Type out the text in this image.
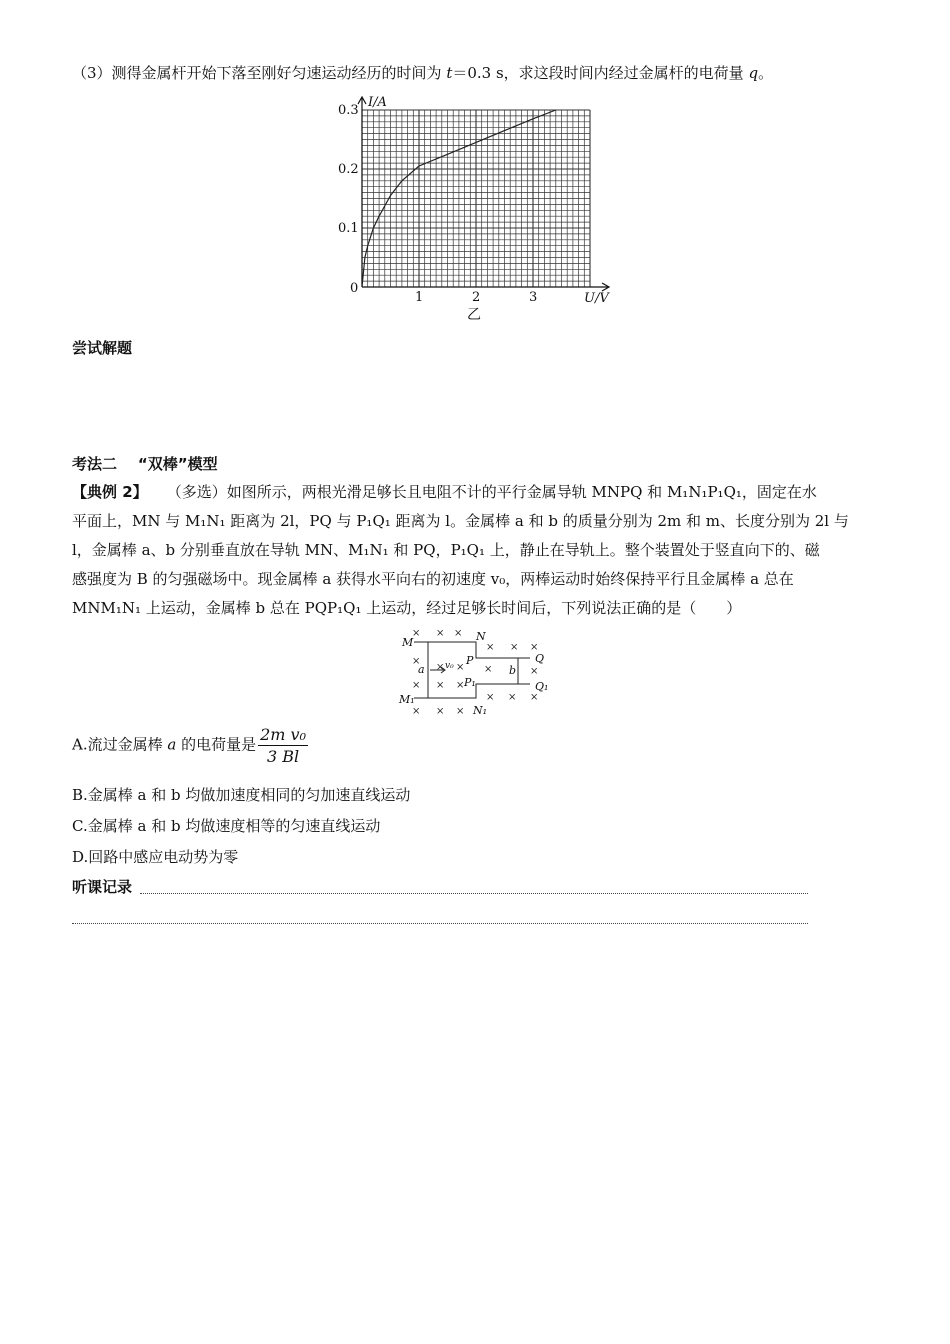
（3）测得金属杆开始下落至刚好匀速运动经历的时间为 t＝0.3 s，求这段时间内经过金属杆的电荷量 q。
1	2	3
0.1
0.2
0.3
I/A
U/V
0
乙
尝试解题
考法二 “双棒”模型

【典例 2】 （多选）如图所示，两根光滑足够长且电阻不计的平行金属导轨 MNPQ 和 M₁N₁P₁Q₁，固定在水

平面上，MN 与 M₁N₁ 距离为 2l，PQ 与 P₁Q₁ 距离为 l。金属棒 a 和 b 的质量分别为 2m 和 m、长度分别为 2l 与

l，金属棒 a、b 分别垂直放在导轨 MN、M₁N₁ 和 PQ，P₁Q₁ 上，静止在导轨上。整个装置处于竖直向下的、磁

感强度为 B 的匀强磁场中。现金属棒 a 获得水平向右的初速度 v₀，两棒运动时始终保持平行且金属棒 a 总在

MNM₁N₁ 上运动，金属棒 b 总在 PQP₁Q₁ 上运动，经过足够长时间后，下列说法正确的是（　　）

× × ×
× × ×
×
× × ×	×
× × ×
× × ×
× × ×
M	N
P	Q
M₁
N₁
P₁	Q₁
a	b
v₀
A.流过金属棒 a 的电荷量是 $\frac{\text{2m v₀}}{3 Bl}$
B.金属棒 a 和 b 均做加速度相同的匀加速直线运动
C.金属棒 a 和 b 均做速度相等的匀速直线运动
D.回路中感应电动势为零
听课记录
